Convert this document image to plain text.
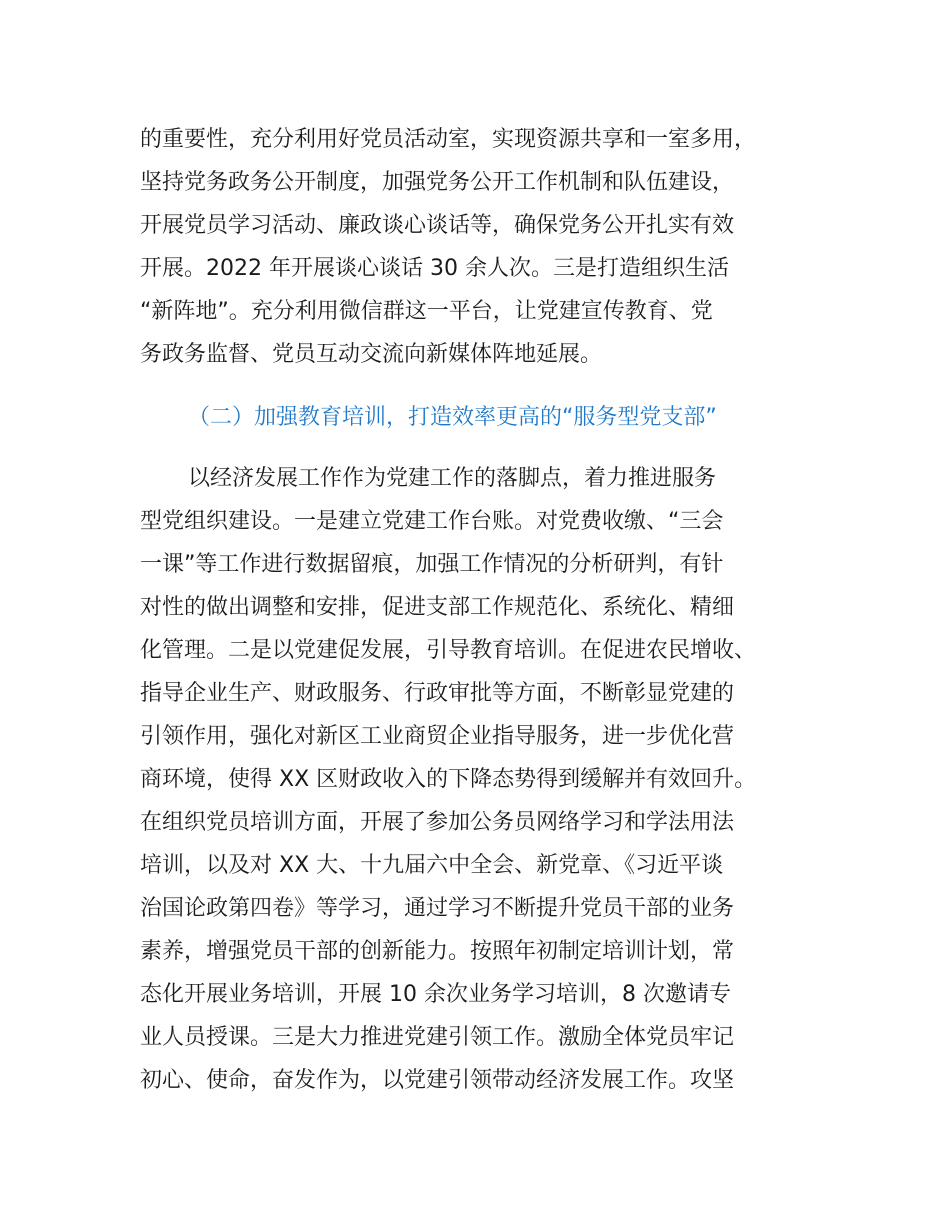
的重要性，充分利用好党员活动室，实现资源共享和一室多用，
坚持党务政务公开制度，加强党务公开工作机制和队伍建设，
开展党员学习活动、廉政谈心谈话等，确保党务公开扎实有效
开展。2022 年开展谈心谈话 30 余人次。三是打造组织生活
“新阵地”。充分利用微信群这一平台，让党建宣传教育、党
务政务监督、党员互动交流向新媒体阵地延展。
（二）加强教育培训，打造效率更高的“服务型党支部”
以经济发展工作作为党建工作的落脚点，着力推进服务
型党组织建设。一是建立党建工作台账。对党费收缴、“三会
一课”等工作进行数据留痕，加强工作情况的分析研判，有针
对性的做出调整和安排，促进支部工作规范化、系统化、精细
化管理。二是以党建促发展，引导教育培训。在促进农民增收、
指导企业生产、财政服务、行政审批等方面，不断彰显党建的
引领作用，强化对新区工业商贸企业指导服务，进一步优化营
商环境，使得 XX 区财政收入的下降态势得到缓解并有效回升。
在组织党员培训方面，开展了参加公务员网络学习和学法用法
培训，以及对 XX 大、十九届六中全会、新党章、《习近平谈
治国论政第四卷》等学习，通过学习不断提升党员干部的业务
素养，增强党员干部的创新能力。按照年初制定培训计划，常
态化开展业务培训，开展 10 余次业务学习培训，8 次邀请专
业人员授课。三是大力推进党建引领工作。激励全体党员牢记
初心、使命，奋发作为，以党建引领带动经济发展工作。攻坚
